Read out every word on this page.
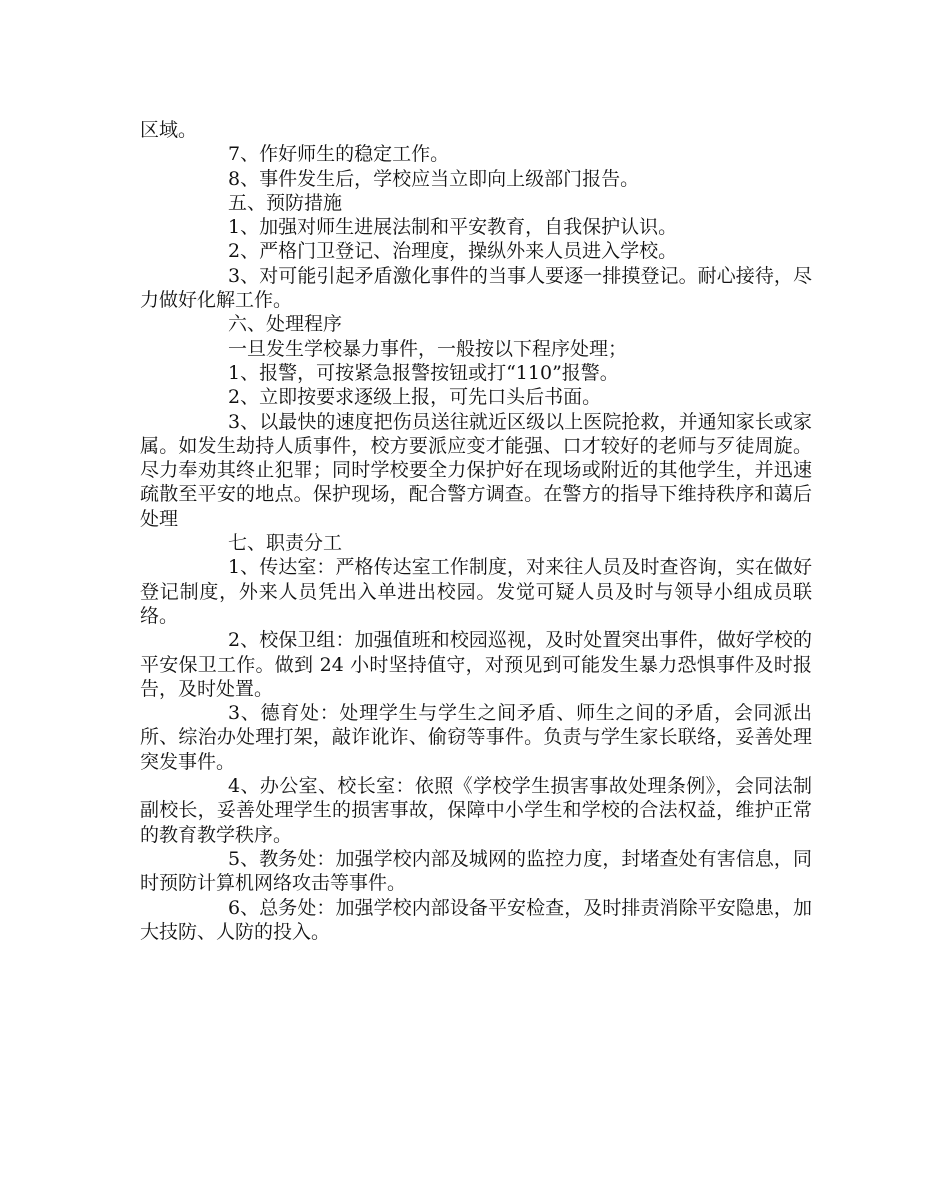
区域。

7、作好师生的稳定工作。

8、事件发生后，学校应当立即向上级部门报告。

五、预防措施

1、加强对师生进展法制和平安教育，自我保护认识。

2、严格门卫登记、治理度，操纵外来人员进入学校。

3、对可能引起矛盾激化事件的当事人要逐一排摸登记。耐心接待，尽力做好化解工作。

六、处理程序

一旦发生学校暴力事件，一般按以下程序处理；

1、报警，可按紧急报警按钮或打“110”报警。

2、立即按要求逐级上报，可先口头后书面。

3、以最快的速度把伤员送往就近区级以上医院抢救，并通知家长或家属。如发生劫持人质事件，校方要派应变才能强、口才较好的老师与歹徒周旋。尽力奉劝其终止犯罪；同时学校要全力保护好在现场或附近的其他学生，并迅速疏散至平安的地点。保护现场，配合警方调查。在警方的指导下维持秩序和蔼后处理

七、职责分工

1、传达室：严格传达室工作制度，对来往人员及时查咨询，实在做好登记制度，外来人员凭出入单进出校园。发觉可疑人员及时与领导小组成员联络。

2、校保卫组：加强值班和校园巡视，及时处置突出事件，做好学校的平安保卫工作。做到 24 小时坚持值守，对预见到可能发生暴力恐惧事件及时报告，及时处置。

3、德育处：处理学生与学生之间矛盾、师生之间的矛盾，会同派出所、综治办处理打架，敲诈讹诈、偷窃等事件。负责与学生家长联络，妥善处理突发事件。

4、办公室、校长室：依照《学校学生损害事故处理条例》，会同法制副校长，妥善处理学生的损害事故，保障中小学生和学校的合法权益，维护正常的教育教学秩序。

5、教务处：加强学校内部及城网的监控力度，封堵查处有害信息，同时预防计算机网络攻击等事件。

6、总务处：加强学校内部设备平安检查，及时排责消除平安隐患，加大技防、人防的投入。
